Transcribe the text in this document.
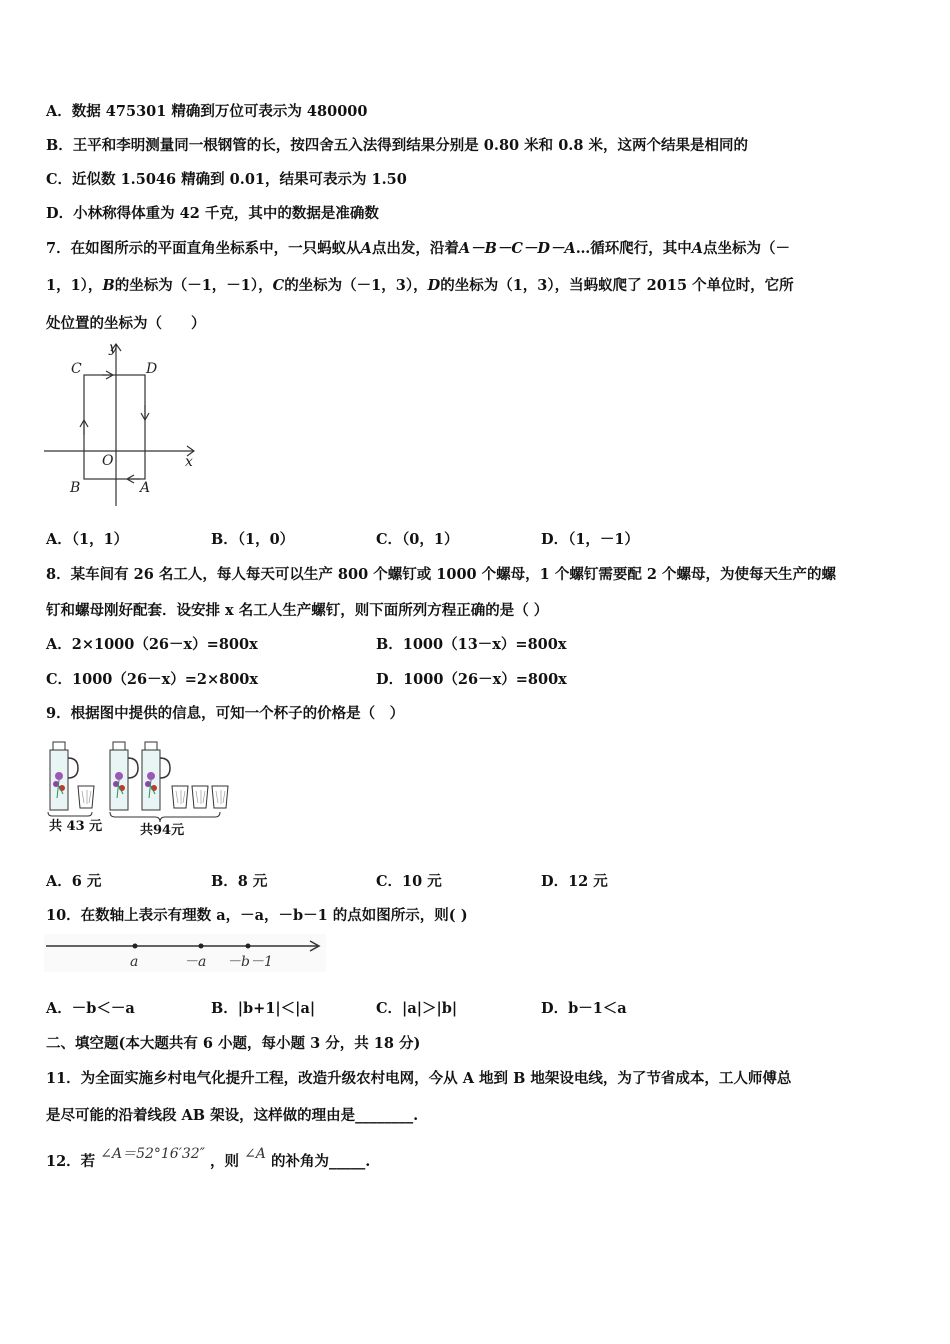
A．数据 475301 精确到万位可表示为 480000
B．王平和李明测量同一根钢管的长，按四舍五入法得到结果分别是 0.80 米和 0.8 米，这两个结果是相同的
C．近似数 1.5046 精确到 0.01，结果可表示为 1.50
D．小林称得体重为 42 千克，其中的数据是准确数
7．在如图所示的平面直角坐标系中，一只蚂蚁从A点出发，沿着A－B－C－D－A…循环爬行，其中A点坐标为（－
1，1），B的坐标为（－1，－1），C的坐标为（－1，3），D的坐标为（1，3），当蚂蚁爬了 2015 个单位时，它所
处位置的坐标为（　　）
y
x
O
A
B
C	D
A．（1，1）	B．（1，0）	C．（0，1）	D．（1，－1）
8．某车间有 26 名工人，每人每天可以生产 800 个螺钉或 1000 个螺母，1 个螺钉需要配 2 个螺母，为使每天生产的螺
钉和螺母刚好配套．设安排 x 名工人生产螺钉，则下面所列方程正确的是（ ）
A．2×1000（26－x）=800x	B．1000（13－x）=800x
C．1000（26－x）=2×800x	D．1000（26－x）=800x
9．根据图中提供的信息，可知一个杯子的价格是（　）
共 43 元	共94元
A．6 元	B．8 元	C．10 元	D．12 元
10．在数轴上表示有理数 a，－a，－b－1 的点如图所示，则( )
a	－a －b－1
A．－b＜－a	B．|b+1|＜|a|	C．|a|＞|b|	D．b－1＜a
二、填空题(本大题共有 6 小题，每小题 3 分，共 18 分)
11．为全面实施乡村电气化提升工程，改造升级农村电网，今从 A 地到 B 地架设电线，为了节省成本，工人师傅总
是尽可能的沿着线段 AB 架设，这样做的理由是________.
12．若 ∠A＝52°16′32″ ，则 ∠A 的补角为_____.
